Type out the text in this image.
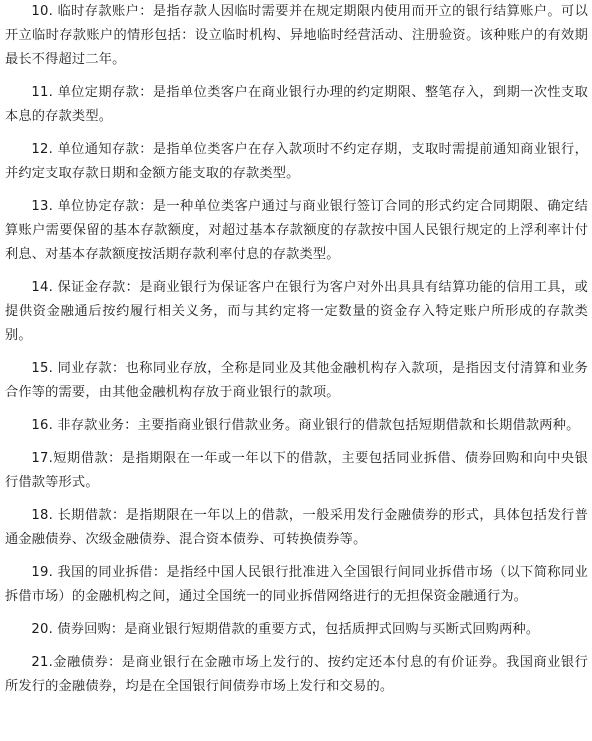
10. 临时存款账户：是指存款人因临时需要并在规定期限内使用而开立的银行结算账户。可以开立临时存款账户的情形包括：设立临时机构、异地临时经营活动、注册验资。该种账户的有效期最长不得超过二年。

11. 单位定期存款：是指单位类客户在商业银行办理的约定期限、整笔存入，到期一次性支取本息的存款类型。

12. 单位通知存款：是指单位类客户在存入款项时不约定存期，支取时需提前通知商业银行，并约定支取存款日期和金额方能支取的存款类型。

13. 单位协定存款：是一种单位类客户通过与商业银行签订合同的形式约定合同期限、确定结算账户需要保留的基本存款额度，对超过基本存款额度的存款按中国人民银行规定的上浮利率计付利息、对基本存款额度按活期存款利率付息的存款类型。

14. 保证金存款：是商业银行为保证客户在银行为客户对外出具具有结算功能的信用工具，或提供资金融通后按约履行相关义务，而与其约定将一定数量的资金存入特定账户所形成的存款类别。

15. 同业存款：也称同业存放，全称是同业及其他金融机构存入款项，是指因支付清算和业务合作等的需要，由其他金融机构存放于商业银行的款项。

16. 非存款业务：主要指商业银行借款业务。商业银行的借款包括短期借款和长期借款两种。

17.短期借款：是指期限在一年或一年以下的借款，主要包括同业拆借、债券回购和向中央银行借款等形式。

18. 长期借款：是指期限在一年以上的借款，一般采用发行金融债券的形式，具体包括发行普通金融债券、次级金融债券、混合资本债券、可转换债券等。

19. 我国的同业拆借：是指经中国人民银行批准进入全国银行间同业拆借市场（以下简称同业拆借市场）的金融机构之间，通过全国统一的同业拆借网络进行的无担保资金融通行为。

20. 债券回购：是商业银行短期借款的重要方式，包括质押式回购与买断式回购两种。

21.金融债券：是商业银行在金融市场上发行的、按约定还本付息的有价证券。我国商业银行所发行的金融债券，均是在全国银行间债券市场上发行和交易的。
